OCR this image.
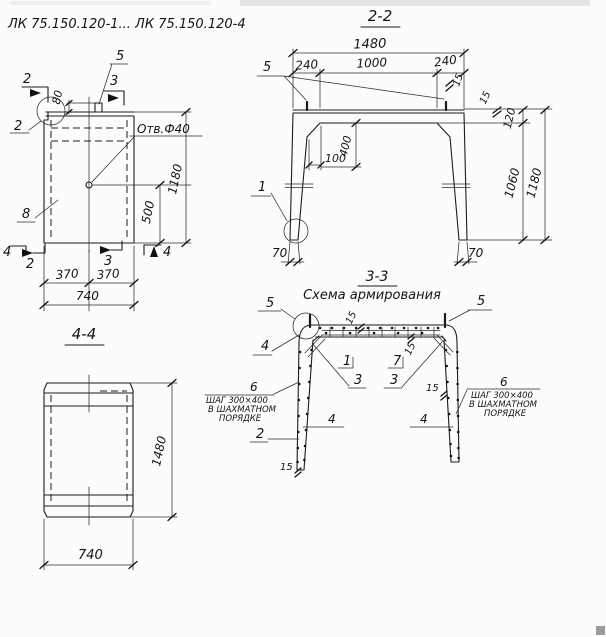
ЛК 75.150.120-1... ЛК 75.150.120-4
2	3
2	3
4	4
2
5
8
Отв.Ф40
80
1180
500
370 370
740
4-4
1480
740
2-2
1480
240	1000	240
5
15
15
120
1060 1180
400
100
1
70	70
3-3
Схема армирования
5	5
4
15
15
15
15
1	7
3 3
2
4	4
6	6
ШАГ 300×400
В ШАХМАТНОМ
ПОРЯДКЕ
ШАГ 300×400
В ШАХМАТНОМ
ПОРЯДКЕ
